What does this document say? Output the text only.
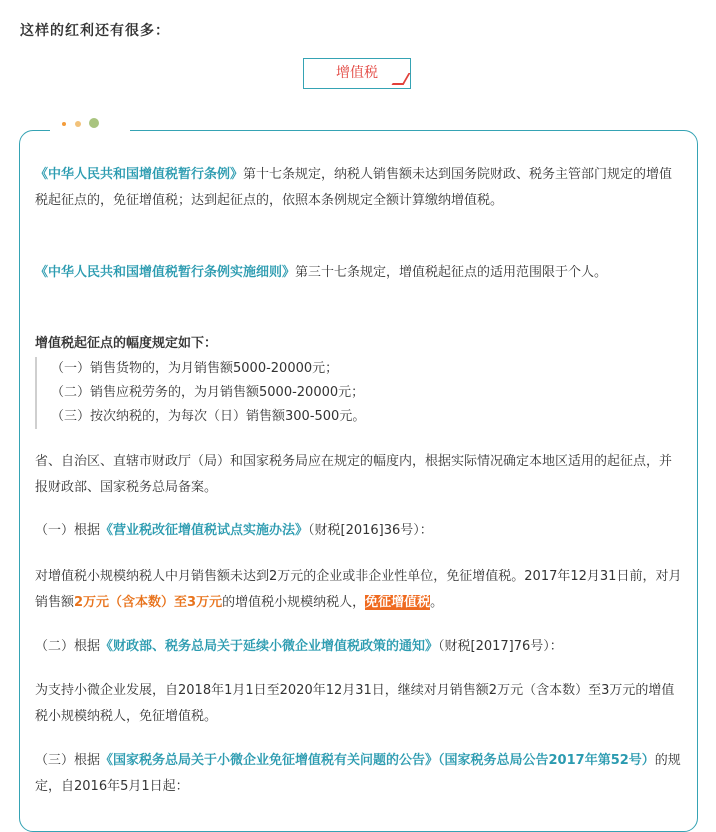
这样的红利还有很多：
增值税

《中华人民共和国增值税暂行条例》第十七条规定，纳税人销售额未达到国务院财政、税务主管部门规定的增值税起征点的，免征增值税；达到起征点的，依照本条例规定全额计算缴纳增值税。

《中华人民共和国增值税暂行条例实施细则》第三十七条规定，增值税起征点的适用范围限于个人。

增值税起征点的幅度规定如下：

（一）销售货物的，为月销售额5000-20000元；
（二）销售应税劳务的，为月销售额5000-20000元；
（三）按次纳税的，为每次（日）销售额300-500元。

省、自治区、直辖市财政厅（局）和国家税务局应在规定的幅度内，根据实际情况确定本地区适用的起征点，并报财政部、国家税务总局备案。

（一）根据《营业税改征增值税试点实施办法》（财税[2016]36号）：

对增值税小规模纳税人中月销售额未达到2万元的企业或非企业性单位，免征增值税。2017年12月31日前，对月销售额2万元（含本数）至3万元的增值税小规模纳税人，免征增值税。

（二）根据《财政部、税务总局关于延续小微企业增值税政策的通知》（财税[2017]76号）：

为支持小微企业发展，自2018年1月1日至2020年12月31日，继续对月销售额2万元（含本数）至3万元的增值税小规模纳税人，免征增值税。

（三）根据《国家税务总局关于小微企业免征增值税有关问题的公告》（国家税务总局公告2017年第52号）的规定，自2016年5月1日起：
